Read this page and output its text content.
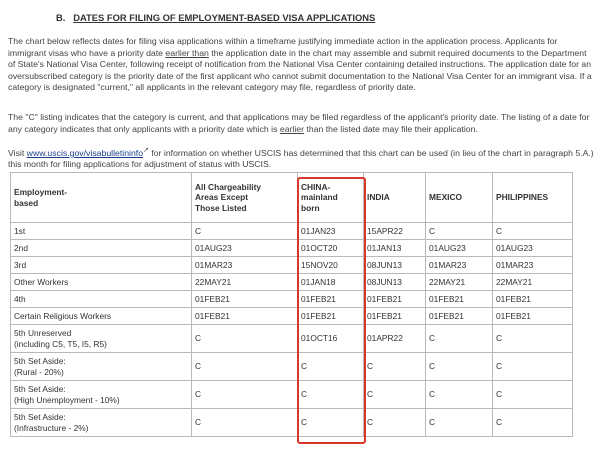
B. DATES FOR FILING OF EMPLOYMENT-BASED VISA APPLICATIONS

The chart below reflects dates for filing visa applications within a timeframe justifying immediate action in the application process. Applicants for immigrant visas who have a priority date earlier than the application date in the chart may assemble and submit required documents to the Department of State's National Visa Center, following receipt of notification from the National Visa Center containing detailed instructions. The application date for an oversubscribed category is the priority date of the first applicant who cannot submit documentation to the National Visa Center for an immigrant visa. If a category is designated "current," all applicants in the relevant category may file, regardless of priority date.

The "C" listing indicates that the category is current, and that applications may be filed regardless of the applicant's priority date. The listing of a date for any category indicates that only applicants with a priority date which is earlier than the listed date may file their application.

Visit www.uscis.gov/visabulletininfo↗ for information on whether USCIS has determined that this chart can be used (in lieu of the chart in paragraph 5.A.) this month for filing applications for adjustment of status with USCIS.

Employment-
based	All Chargeability
Areas Except
Those Listed	CHINA-
mainland
born	INDIA	MEXICO	PHILIPPINES
1st	C	01JAN23	15APR22	C	C
2nd	01AUG23	01OCT20	01JAN13	01AUG23	01AUG23
3rd	01MAR23	15NOV20	08JUN13	01MAR23	01MAR23
Other Workers	22MAY21	01JAN18	08JUN13	22MAY21	22MAY21
4th	01FEB21	01FEB21	01FEB21	01FEB21	01FEB21
Certain Religious Workers	01FEB21	01FEB21	01FEB21	01FEB21	01FEB21
5th Unreserved
(including C5, T5, I5, R5)	C	01OCT16	01APR22	C	C
5th Set Aside:
(Rural - 20%)	C	C	C	C	C
5th Set Aside:
(High Unemployment - 10%)	C	C	C	C	C
5th Set Aside:
(Infrastructure - 2%)	C	C	C	C	C
